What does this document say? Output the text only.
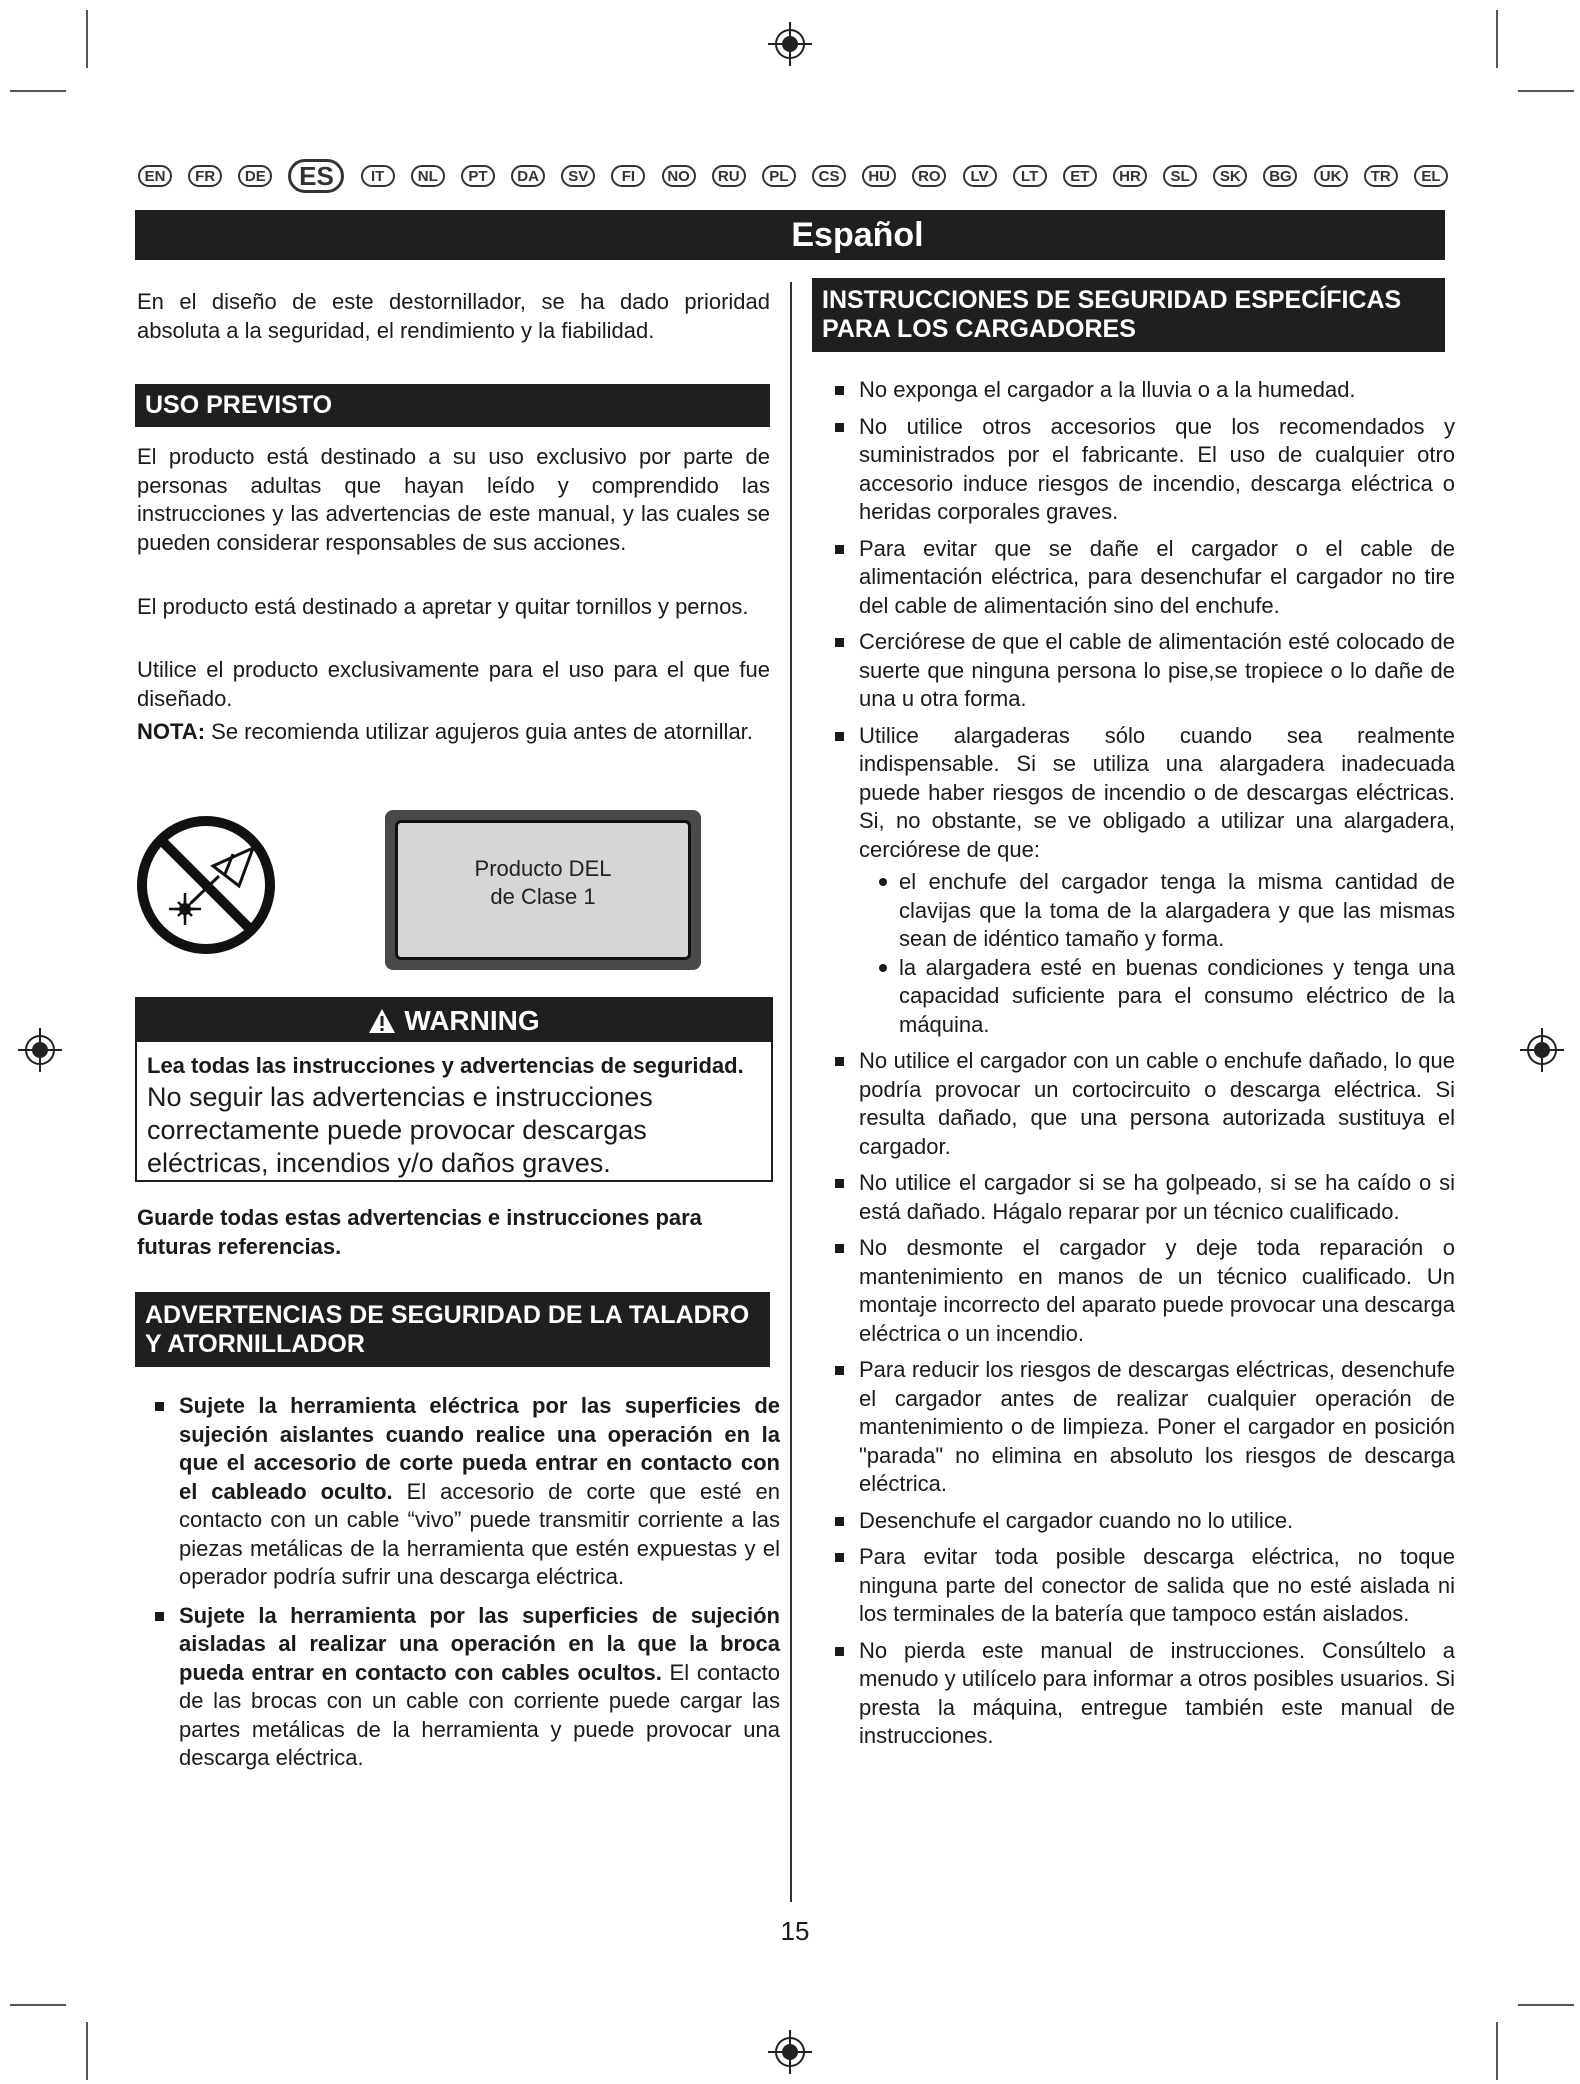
EN	FR	DE	ES	IT	NL	PT	DA	SV	FI	NO	RU	PL	CS	HU	RO	LV	LT	ET	HR	SL	SK	BG	UK	TR	EL
Español
En el diseño de este destornillador, se ha dado prioridad absoluta a la seguridad, el rendimiento y la fiabilidad.
USO PREVISTO
El producto está destinado a su uso exclusivo por parte de personas adultas que hayan leído y comprendido las instrucciones y las advertencias de este manual, y las cuales se pueden considerar responsables de sus acciones.
El producto está destinado a apretar y quitar tornillos y pernos.
Utilice el producto exclusivamente para el uso para el que fue diseñado.
NOTA: Se recomienda utilizar agujeros guia antes de atornillar.
Producto DEL
de Clase 1
WARNING
Lea todas las instrucciones y advertencias de seguridad. No seguir las advertencias e instrucciones correctamente puede provocar descargas eléctricas, incendios y/o daños graves.
Guarde todas estas advertencias e instrucciones para futuras referencias.
ADVERTENCIAS DE SEGURIDAD DE LA TALADRO Y ATORNILLADOR
Sujete la herramienta eléctrica por las superficies de sujeción aislantes cuando realice una operación en la que el accesorio de corte pueda entrar en contacto con el cableado oculto. El accesorio de corte que esté en contacto con un cable “vivo” puede transmitir corriente a las piezas metálicas de la herramienta que estén expuestas y el operador podría sufrir una descarga eléctrica.
Sujete la herramienta por las superficies de sujeción aisladas al realizar una operación en la que la broca pueda entrar en contacto con cables ocultos. El contacto de las brocas con un cable con corriente puede cargar las partes metálicas de la herramienta y puede provocar una descarga eléctrica.
INSTRUCCIONES DE SEGURIDAD ESPECÍFICAS PARA LOS CARGADORES
No exponga el cargador a la lluvia o a la humedad.
No utilice otros accesorios que los recomendados y suministrados por el fabricante. El uso de cualquier otro accesorio induce riesgos de incendio, descarga eléctrica o heridas corporales graves.
Para evitar que se dañe el cargador o el cable de alimentación eléctrica, para desenchufar el cargador no tire del cable de alimentación sino del enchufe.
Cerciórese de que el cable de alimentación esté colocado de suerte que ninguna persona lo pise,se tropiece o lo dañe de una u otra forma.
Utilice alargaderas sólo cuando sea realmente indispensable. Si se utiliza una alargadera inadecuada puede haber riesgos de incendio o de descargas eléctricas. Si, no obstante, se ve obligado a utilizar una alargadera, cerciórese de que:
el enchufe del cargador tenga la misma cantidad de clavijas que la toma de la alargadera y que las mismas sean de idéntico tamaño y forma.
la alargadera esté en buenas condiciones y tenga una capacidad suficiente para el consumo eléctrico de la máquina.
No utilice el cargador con un cable o enchufe dañado, lo que podría provocar un cortocircuito o descarga eléctrica. Si resulta dañado, que una persona autorizada sustituya el cargador.
No utilice el cargador si se ha golpeado, si se ha caído o si está dañado. Hágalo reparar por un técnico cualificado.
No desmonte el cargador y deje toda reparación o mantenimiento en manos de un técnico cualificado. Un montaje incorrecto del aparato puede provocar una descarga eléctrica o un incendio.
Para reducir los riesgos de descargas eléctricas, desenchufe el cargador antes de realizar cualquier operación de mantenimiento o de limpieza. Poner el cargador en posición "parada" no elimina en absoluto los riesgos de descarga eléctrica.
Desenchufe el cargador cuando no lo utilice.
Para evitar toda posible descarga eléctrica, no toque ninguna parte del conector de salida que no esté aislada ni los terminales de la batería que tampoco están aislados.
No pierda este manual de instrucciones. Consúltelo a menudo y utilícelo para informar a otros posibles usuarios. Si presta la máquina, entregue también este manual de instrucciones.
15
